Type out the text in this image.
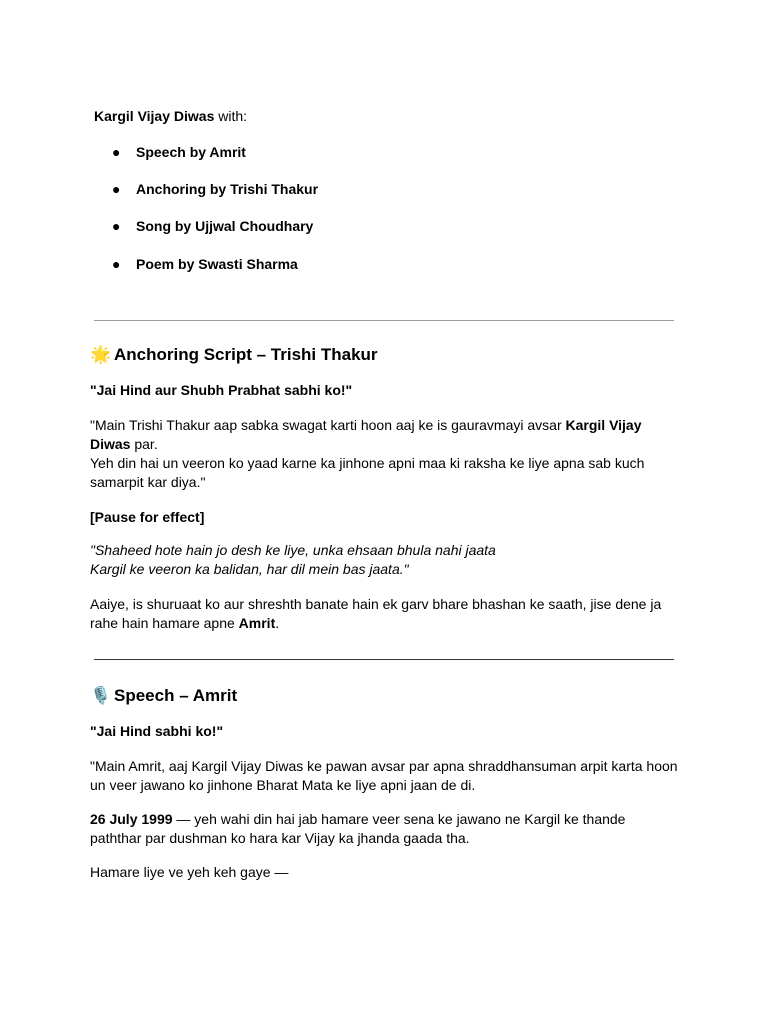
Kargil Vijay Diwas with:
● Speech by Amrit
● Anchoring by Trishi Thakur
● Song by Ujjwal Choudhary
● Poem by Swasti Sharma
🌟 Anchoring Script – Trishi Thakur
"Jai Hind aur Shubh Prabhat sabhi ko!"
"Main Trishi Thakur aap sabka swagat karti hoon aaj ke is gauravmayi avsar Kargil Vijay Diwas par.
Yeh din hai un veeron ko yaad karne ka jinhone apni maa ki raksha ke liye apna sab kuch samarpit kar diya."
[Pause for effect]
"Shaheed hote hain jo desh ke liye, unka ehsaan bhula nahi jaata
Kargil ke veeron ka balidan, har dil mein bas jaata."
Aaiye, is shuruaat ko aur shreshth banate hain ek garv bhare bhashan ke saath, jise dene ja rahe hain hamare apne Amrit.
🎙️ Speech – Amrit
"Jai Hind sabhi ko!"
"Main Amrit, aaj Kargil Vijay Diwas ke pawan avsar par apna shraddhansuman arpit karta hoon un veer jawano ko jinhone Bharat Mata ke liye apni jaan de di.
26 July 1999 — yeh wahi din hai jab hamare veer sena ke jawano ne Kargil ke thande paththar par dushman ko hara kar Vijay ka jhanda gaada tha.
Hamare liye ve yeh keh gaye —
